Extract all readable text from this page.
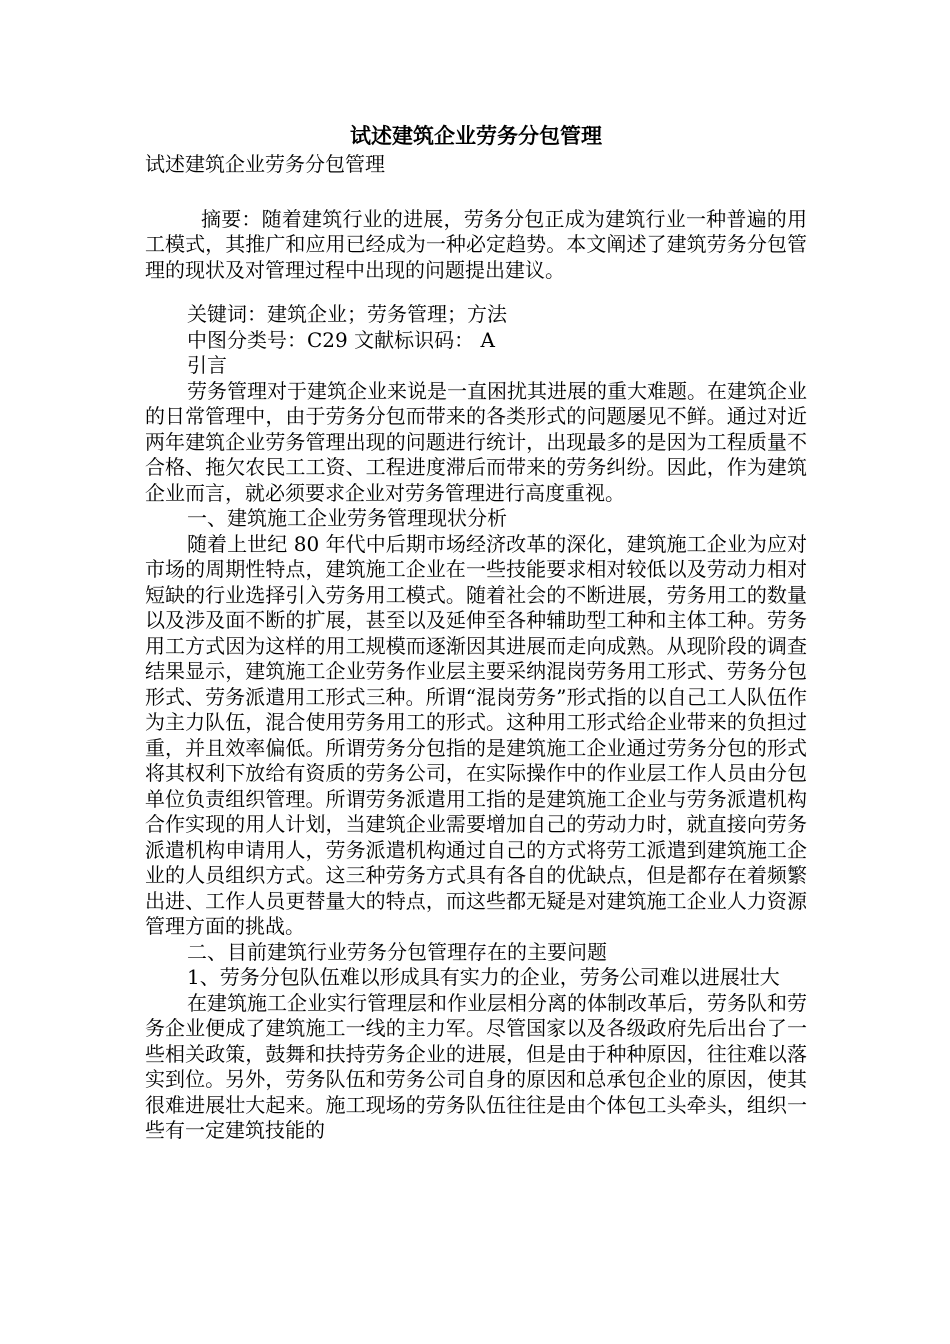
试述建筑企业劳务分包管理

试述建筑企业劳务分包管理

摘要：随着建筑行业的进展，劳务分包正成为建筑行业一种普遍的用工模式，其推广和应用已经成为一种必定趋势。本文阐述了建筑劳务分包管理的现状及对管理过程中出现的问题提出建议。

关键词：建筑企业；劳务管理；方法

中图分类号：C29 文献标识码： A

引言

劳务管理对于建筑企业来说是一直困扰其进展的重大难题。在建筑企业的日常管理中，由于劳务分包而带来的各类形式的问题屡见不鲜。通过对近两年建筑企业劳务管理出现的问题进行统计，出现最多的是因为工程质量不合格、拖欠农民工工资、工程进度滞后而带来的劳务纠纷。因此，作为建筑企业而言，就必须要求企业对劳务管理进行高度重视。

一、建筑施工企业劳务管理现状分析

随着上世纪 80 年代中后期市场经济改革的深化，建筑施工企业为应对市场的周期性特点，建筑施工企业在一些技能要求相对较低以及劳动力相对短缺的行业选择引入劳务用工模式。随着社会的不断进展，劳务用工的数量以及涉及面不断的扩展，甚至以及延伸至各种辅助型工种和主体工种。劳务用工方式因为这样的用工规模而逐渐因其进展而走向成熟。从现阶段的调查结果显示，建筑施工企业劳务作业层主要采纳混岗劳务用工形式、劳务分包形式、劳务派遣用工形式三种。所谓“混岗劳务”形式指的以自己工人队伍作为主力队伍，混合使用劳务用工的形式。这种用工形式给企业带来的负担过重，并且效率偏低。所谓劳务分包指的是建筑施工企业通过劳务分包的形式将其权利下放给有资质的劳务公司，在实际操作中的作业层工作人员由分包单位负责组织管理。所谓劳务派遣用工指的是建筑施工企业与劳务派遣机构合作实现的用人计划，当建筑企业需要增加自己的劳动力时，就直接向劳务派遣机构申请用人，劳务派遣机构通过自己的方式将劳工派遣到建筑施工企业的人员组织方式。这三种劳务方式具有各自的优缺点，但是都存在着频繁出进、工作人员更替量大的特点，而这些都无疑是对建筑施工企业人力资源管理方面的挑战。

二、目前建筑行业劳务分包管理存在的主要问题

1、劳务分包队伍难以形成具有实力的企业，劳务公司难以进展壮大

在建筑施工企业实行管理层和作业层相分离的体制改革后，劳务队和劳务企业便成了建筑施工一线的主力军。尽管国家以及各级政府先后出台了一些相关政策，鼓舞和扶持劳务企业的进展，但是由于种种原因，往往难以落实到位。另外，劳务队伍和劳务公司自身的原因和总承包企业的原因，使其很难进展壮大起来。施工现场的劳务队伍往往是由个体包工头牵头，组织一些有一定建筑技能的
